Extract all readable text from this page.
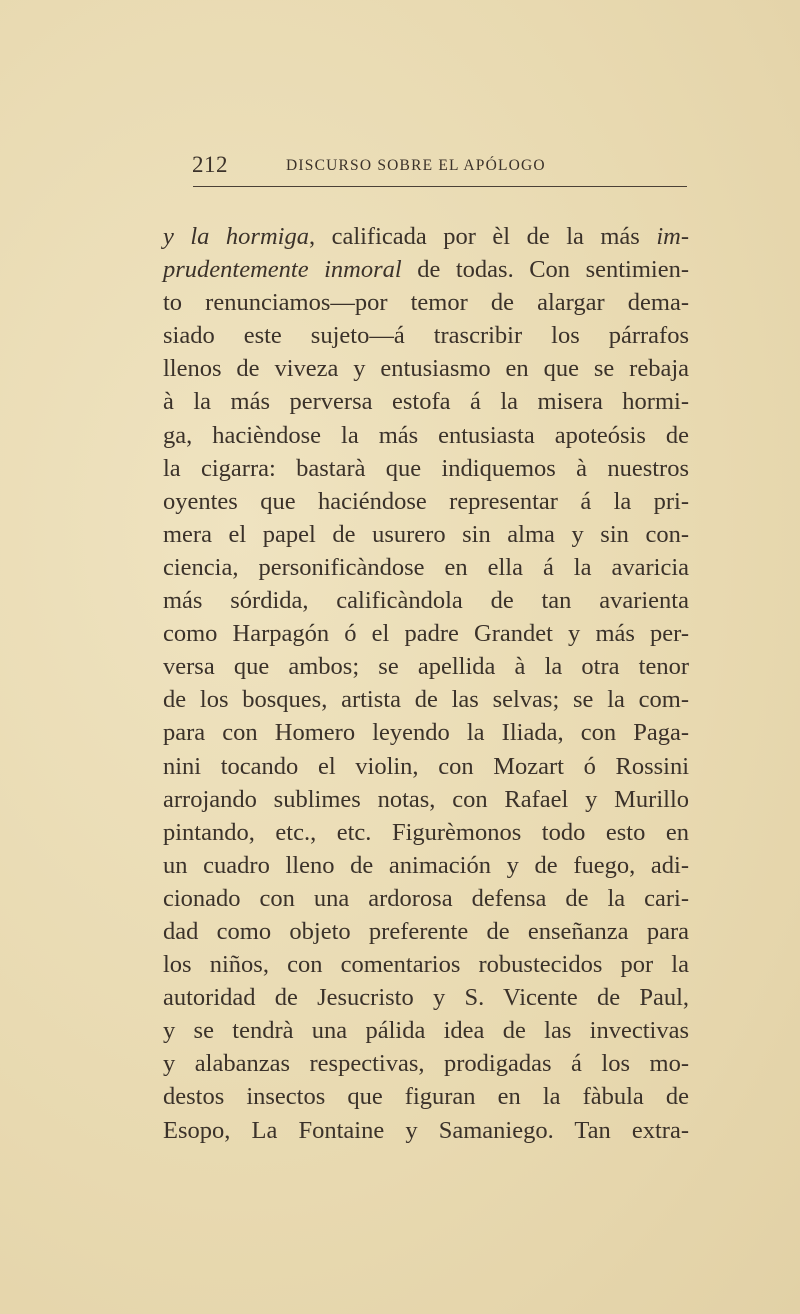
212	DISCURSO SOBRE EL APÓLOGO
y la hormiga, calificada por èl de la más im-
prudentemente inmoral de todas. Con sentimien-
to renunciamos—por temor de alargar dema-
siado este sujeto—á trascribir los párrafos
llenos de viveza y entusiasmo en que se rebaja
à la más perversa estofa á la misera hormi-
ga, hacièndose la más entusiasta apoteósis de
la cigarra: bastarà que indiquemos à nuestros
oyentes que haciéndose representar á la pri-
mera el papel de usurero sin alma y sin con-
ciencia, personificàndose en ella á la avaricia
más sórdida, calificàndola de tan avarienta
como Harpagón ó el padre Grandet y más per-
versa que ambos; se apellida à la otra tenor
de los bosques, artista de las selvas; se la com-
para con Homero leyendo la Iliada, con Paga-
nini tocando el violin, con Mozart ó Rossini
arrojando sublimes notas, con Rafael y Murillo
pintando, etc., etc. Figurèmonos todo esto en
un cuadro lleno de animación y de fuego, adi-
cionado con una ardorosa defensa de la cari-
dad como objeto preferente de enseñanza para
los niños, con comentarios robustecidos por la
autoridad de Jesucristo y S. Vicente de Paul,
y se tendrà una pálida idea de las invectivas
y alabanzas respectivas, prodigadas á los mo-
destos insectos que figuran en la fàbula de
Esopo, La Fontaine y Samaniego. Tan extra-
